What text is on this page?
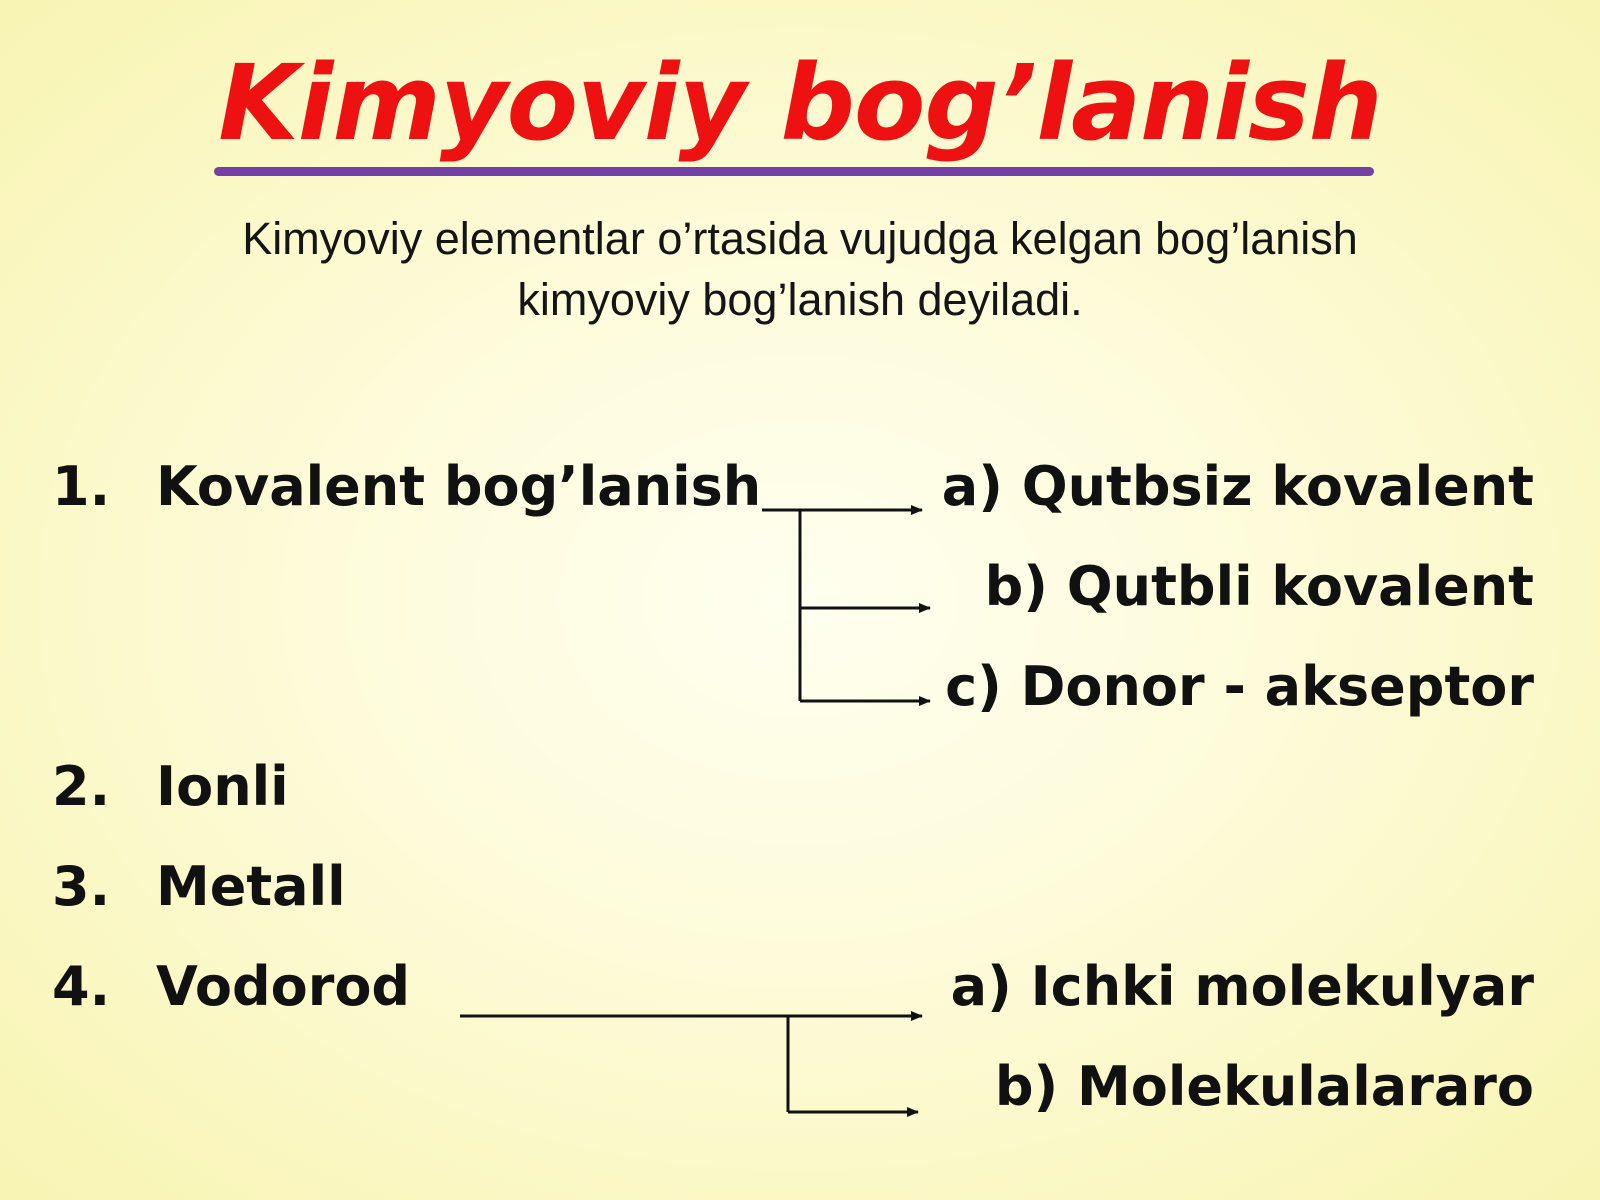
Kimyoviy bog’lanish
Kimyoviy elementlar o’rtasida vujudga kelgan bog’lanish
kimyoviy bog’lanish deyiladi.
1. Kovalent bog’lanish
2. Ionli
3. Metall
4. Vodorod
a) Qutbsiz kovalent
b) Qutbli kovalent
c) Donor - akseptor
a) Ichki molekulyar
b) Molekulalararo
